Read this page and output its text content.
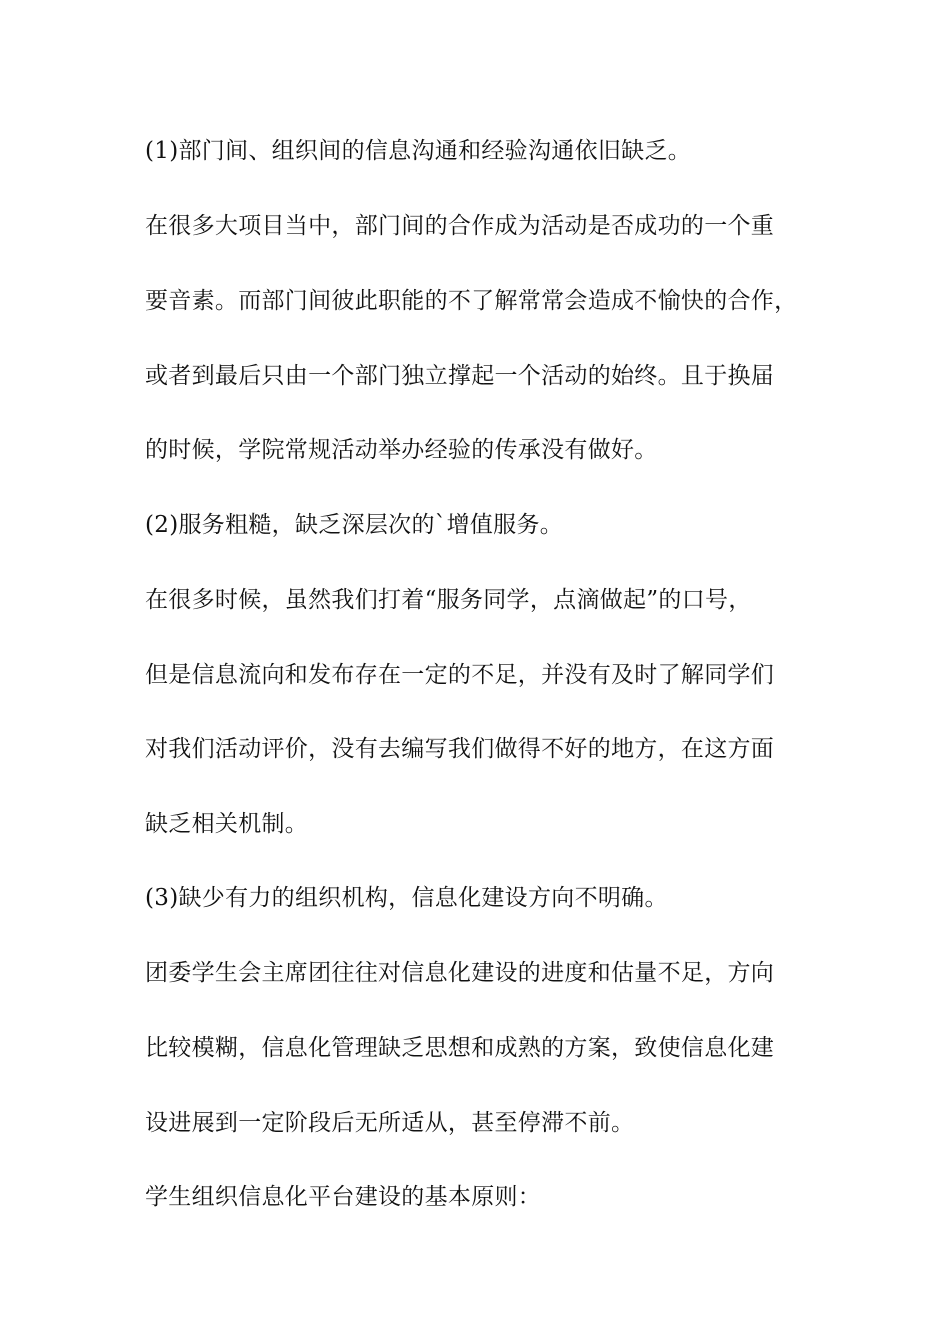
(1)部门间、组织间的信息沟通和经验沟通依旧缺乏。
在很多大项目当中，部门间的合作成为活动是否成功的一个重
要音素。而部门间彼此职能的不了解常常会造成不愉快的合作，
或者到最后只由一个部门独立撑起一个活动的始终。且于换届
的时候，学院常规活动举办经验的传承没有做好。
(2)服务粗糙，缺乏深层次的`增值服务。
在很多时候，虽然我们打着“服务同学，点滴做起”的口号，
但是信息流向和发布存在一定的不足，并没有及时了解同学们
对我们活动评价，没有去编写我们做得不好的地方，在这方面
缺乏相关机制。
(3)缺少有力的组织机构，信息化建设方向不明确。
团委学生会主席团往往对信息化建设的进度和估量不足，方向
比较模糊，信息化管理缺乏思想和成熟的方案，致使信息化建
设进展到一定阶段后无所适从，甚至停滞不前。
学生组织信息化平台建设的基本原则：
